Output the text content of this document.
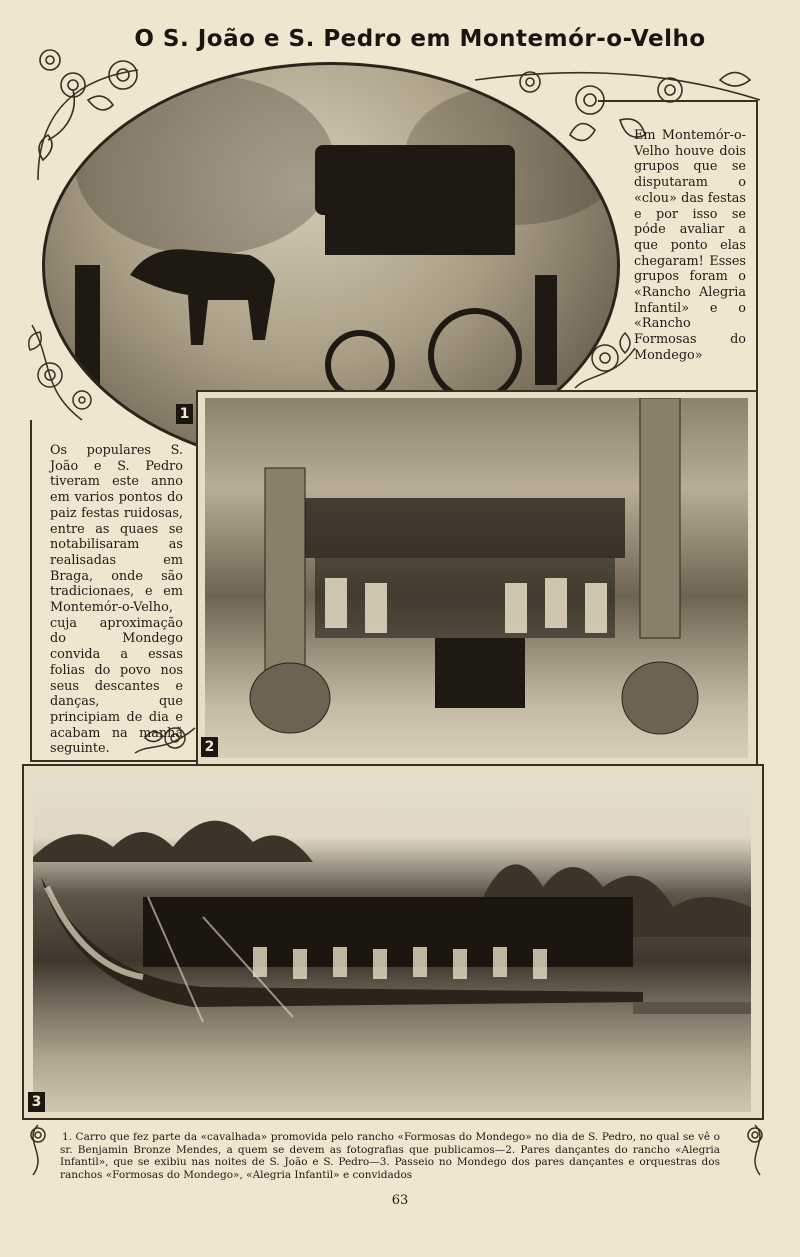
O S. João e S. Pedro em Montemór-o-Velho
Em Montemór-o-Velho houve dois grupos que se disputaram o «clou» das festas e por isso se póde avaliar a que ponto elas chegaram! Esses grupos foram o «Rancho Alegria Infantil» e o «Rancho Formosas do Mondego»
1
Os populares S. João e S. Pedro tiveram este anno em varios pontos do paiz festas ruidosas, entre as quaes se notabilisaram as realisadas em Braga, onde são tradicionaes, e em Montemór-o-Velho, cuja aproximação do Mondego convida a essas folias do povo nos seus descantes e danças, que principiam de dia e acabam na manhã seguinte.	2
3
1. Carro que fez parte da «cavalhada» promovida pelo rancho «Formosas do Mondego» no dia de S. Pedro, no qual se vê o sr. Benjamin Bronze Mendes, a quem se devem as fotografias que publicamos—2. Pares dançantes do rancho «Alegria Infantil», que se exibiu nas noites de S. João e S. Pedro—3. Passeio no Mondego dos pares dançantes e orquestras dos ranchos «Formosas do Mondego», «Alegria Infantil» e convidados
63
